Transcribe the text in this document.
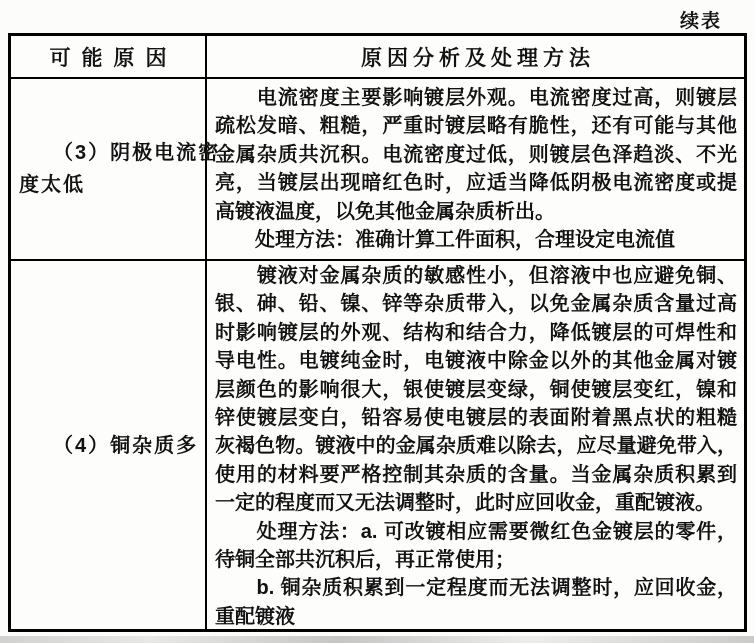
续表
可能原因	原因分析及处理方法
　　（3）阴极电流密
度太低
　　电流密度主要影响镀层外观。电流密度过高，则镀层
疏松发暗、粗糙，严重时镀层略有脆性，还有可能与其他
金属杂质共沉积。电流密度过低，则镀层色泽趋淡、不光
亮，当镀层出现暗红色时，应适当降低阴极电流密度或提
高镀液温度，以免其他金属杂质析出。
　　处理方法：准确计算工件面积，合理设定电流值
　　（4）铜杂质多
　　镀液对金属杂质的敏感性小，但溶液中也应避免铜、
银、砷、铅、镍、锌等杂质带入，以免金属杂质含量过高
时影响镀层的外观、结构和结合力，降低镀层的可焊性和
导电性。电镀纯金时，电镀液中除金以外的其他金属对镀
层颜色的影响很大，银使镀层变绿，铜使镀层变红，镍和
锌使镀层变白，铅容易使电镀层的表面附着黑点状的粗糙
灰褐色物。镀液中的金属杂质难以除去，应尽量避免带入，
使用的材料要严格控制其杂质的含量。当金属杂质积累到
一定的程度而又无法调整时，此时应回收金，重配镀液。
　　处理方法：a. 可改镀相应需要微红色金镀层的零件，
待铜全部共沉积后，再正常使用；
　　b. 铜杂质积累到一定程度而无法调整时，应回收金，
重配镀液
